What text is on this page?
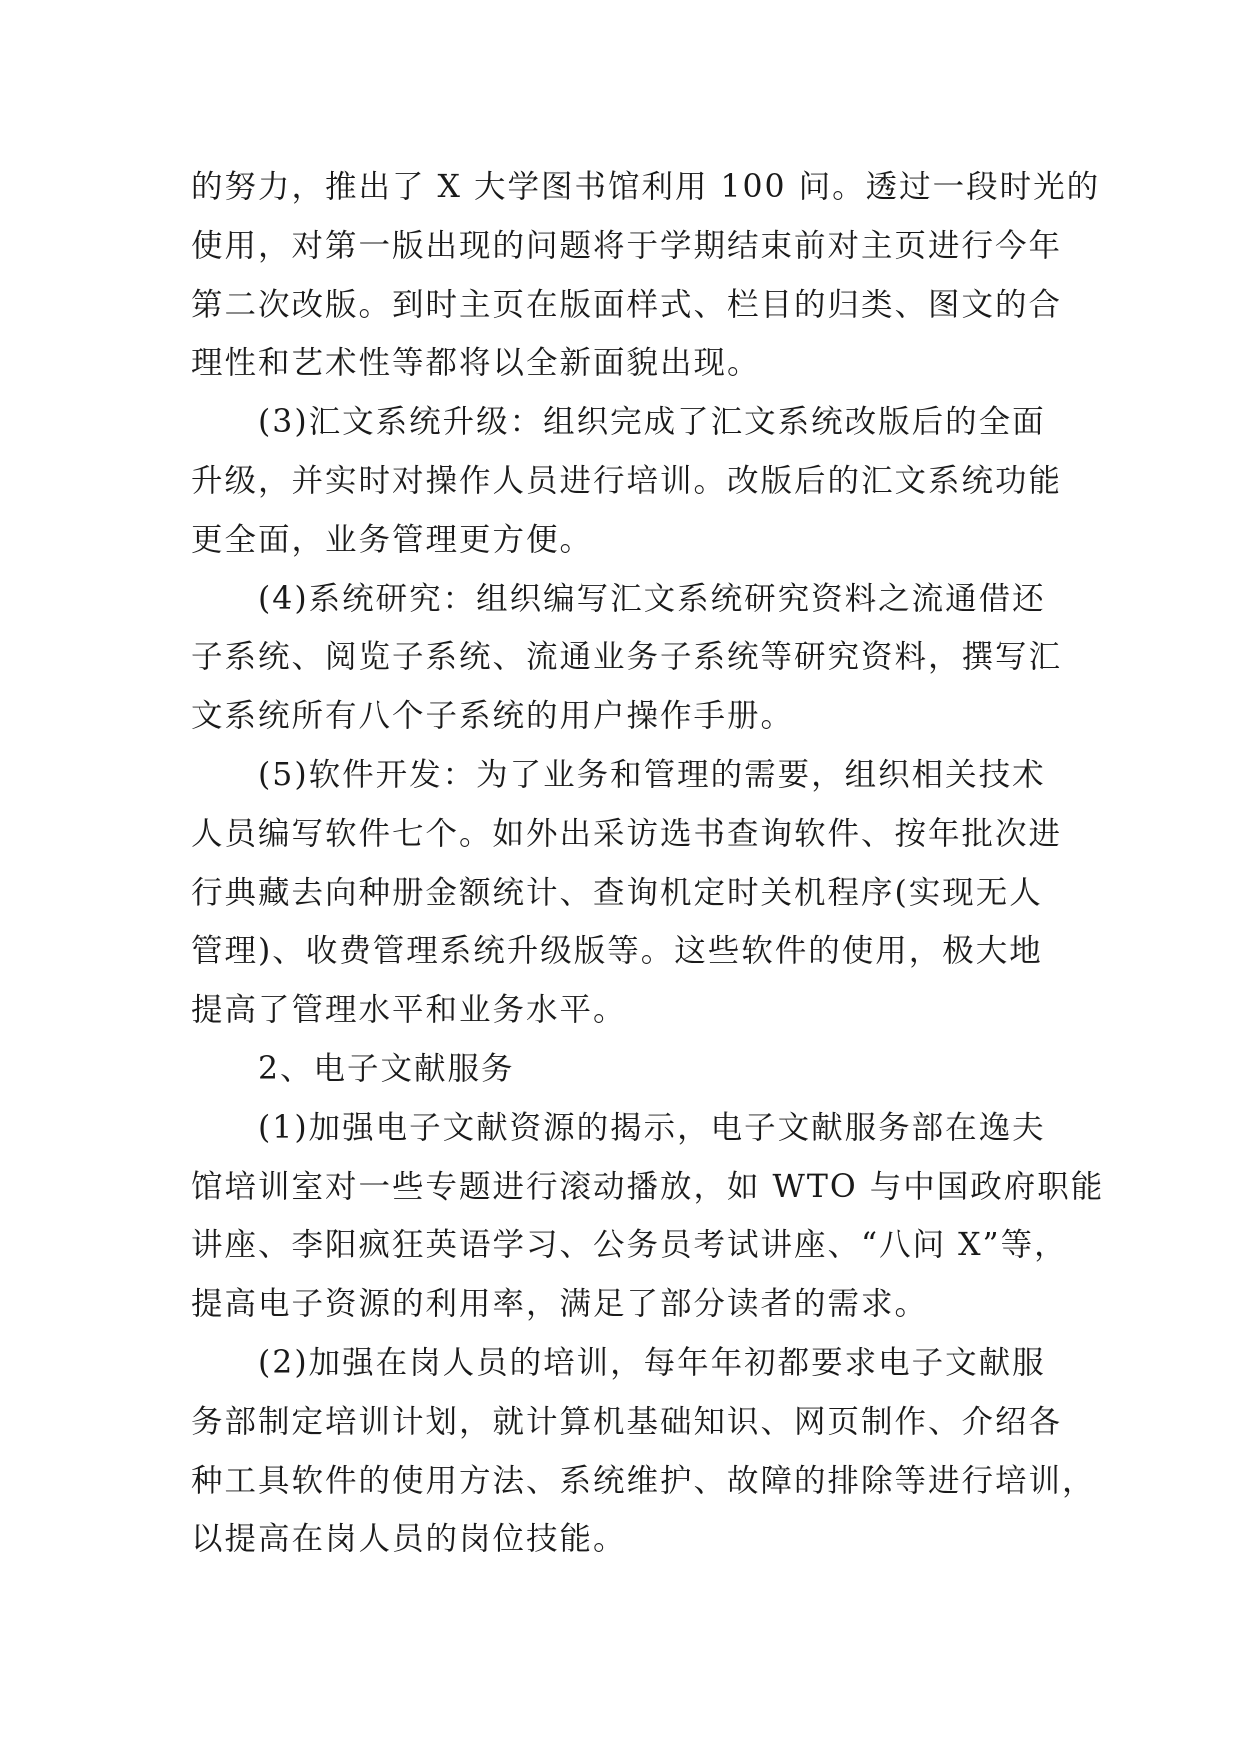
的努力，推出了 X 大学图书馆利用 100 问。透过一段时光的
使用，对第一版出现的问题将于学期结束前对主页进行今年
第二次改版。到时主页在版面样式、栏目的归类、图文的合
理性和艺术性等都将以全新面貌出现。
　　(3)汇文系统升级：组织完成了汇文系统改版后的全面
升级，并实时对操作人员进行培训。改版后的汇文系统功能
更全面，业务管理更方便。
　　(4)系统研究：组织编写汇文系统研究资料之流通借还
子系统、阅览子系统、流通业务子系统等研究资料，撰写汇
文系统所有八个子系统的用户操作手册。
　　(5)软件开发：为了业务和管理的需要，组织相关技术
人员编写软件七个。如外出采访选书查询软件、按年批次进
行典藏去向种册金额统计、查询机定时关机程序(实现无人
管理)、收费管理系统升级版等。这些软件的使用，极大地
提高了管理水平和业务水平。
　　2、电子文献服务
　　(1)加强电子文献资源的揭示，电子文献服务部在逸夫
馆培训室对一些专题进行滚动播放，如 WTO 与中国政府职能
讲座、李阳疯狂英语学习、公务员考试讲座、“八问 X”等，
提高电子资源的利用率，满足了部分读者的需求。
　　(2)加强在岗人员的培训，每年年初都要求电子文献服
务部制定培训计划，就计算机基础知识、网页制作、介绍各
种工具软件的使用方法、系统维护、故障的排除等进行培训，
以提高在岗人员的岗位技能。
